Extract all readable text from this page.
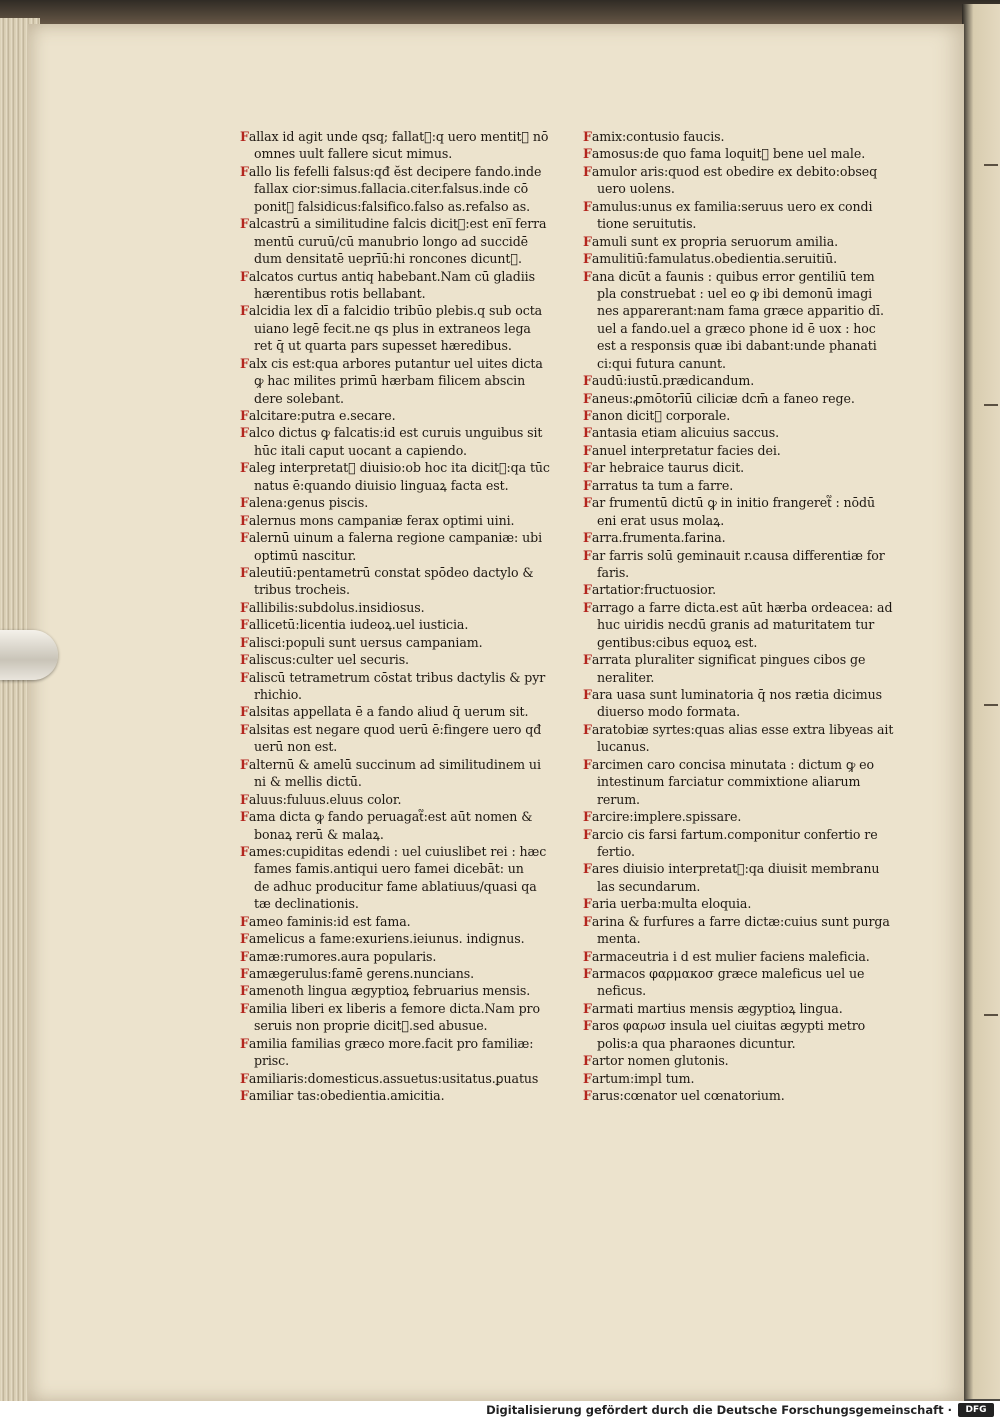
Fallax id agit unde qsq; fallat᷑:q uero mentit᷑ nō
omnes uult fallere sicut mimus.
Fallo lis fefelli falsus:qđ ĕst decipere fando.inde
fallax cior:simus.fallacia.citer.falsus.inde cō
ponit᷑ falsidicus:falsifico.falso as.refalso as.
Falcastrū a similitudine falcis dicit᷑:est eni̅ ferra
mentū curuū/cū manubrio longo ad succidē
dum densitatē ueprīū:hi roncones dicunt᷑.
Falcatos curtus antiq habebant.Nam cū gladiis
hærentibus rotis bellabant.
Falcidia lex dī a falcidio tribūo plebis.q sub octa
uiano legē fecit.ne qs plus in extraneos lega
ret q̄ ut quarta pars supesset hæredibus.
Falx cis est:qua arbores putantur uel uites dicta
ꝙ hac milites primū hærbam filicem abscin
dere solebant.
Falcitare:putra e.secare.
Falco dictus ꝙ falcatis:id est curuis unguibus sit
hūc itali caput uocant a capiendo.
Faleg interpretat᷑ diuisio:ob hoc ita dicit᷑:qa tūc
natus ē:quando diuisio linguaꝝ facta est.
Falena:genus piscis.
Falernus mons campaniæ ferax optimi uini.
Falernū uinum a falerna regione campaniæ: ubi
optimū nascitur.
Faleutiū:pentametrū constat spōdeo dactylo &
tribus trocheis.
Fallibilis:subdolus.insidiosus.
Fallicetū:licentia iudeoꝝ.uel iusticia.
Falisci:populi sunt uersus campaniam.
Faliscus:culter uel securis.
Faliscū tetrametrum cōstat tribus dactylis & pyr
rhichio.
Falsitas appellata ē a fando aliud q̄ uerum sit.
Falsitas est negare quod uerū ē:fingere uero qđ
uerū non est.
Falternū & amelū succinum ad similitudinem ui
ni & mellis dictū.
Faluus:fuluus.eluus color.
Fama dicta ꝙ fando peruagat᷑:est aūt nomen &
bonaꝝ rerū & malaꝝ.
Fames:cupiditas edendi : uel cuiuslibet rei : hæc
fames famis.antiqui uero famei dicebāt: un
de adhuc producitur fame ablatiuus/quasi qa
tæ declinationis.
Fameo faminis:id est fama.
Famelicus a fame:exuriens.ieiunus. indignus.
Famæ:rumores.aura popularis.
Famægerulus:famē gerens.nuncians.
Famenoth lingua ægyptioꝝ februarius mensis.
Familia liberi ex liberis a femore dicta.Nam pro
seruis non proprie dicit᷑.sed abusue.
Familia familias græco more.facit pro familiæ:
prisc.
Familiaris:domesticus.assuetus:usitatus.ꝑuatus
Familiar tas:obedientia.amicitia.
Famix:contusio faucis.
Famosus:de quo fama loquit᷑ bene uel male.
Famulor aris:quod est obedire ex debito:obseq
uero uolens.
Famulus:unus ex familia:seruus uero ex condi
tione seruitutis.
Famuli sunt ex propria seruorum amilia.
Famulitiū:famulatus.obedientia.seruitiū.
Fana dicūt a faunis : quibus error gentiliū tem
pla construebat : uel eo ꝙ ibi demonū imagi
nes apparerant:nam fama græce apparitio dī.
uel a fando.uel a græco phone id ē uox : hoc
est a responsis quæ ibi dabant:unde phanati
ci:qui futura canunt.
Faudū:iustū.prædicandum.
Faneus:ꝓmōtorīū ciliciæ dcm̄ a faneo rege.
Fanon dicit᷑ corporale.
Fantasia etiam alicuius saccus.
Fanuel interpretatur facies dei.
Far hebraice taurus dicit.
Farratus ta tum a farre.
Far frumentū dictū ꝙ in initio frangeret᷑ : nōdū
eni erat usus molaꝝ.
Farra.frumenta.farina.
Far farris solū geminauit r.causa differentiæ for
faris.
Fartatior:fructuosior.
Farrago a farre dicta.est aūt hærba ordeacea: ad
huc uiridis necdū granis ad maturitatem tur
gentibus:cibus equoꝝ est.
Farrata pluraliter significat pingues cibos ge
neraliter.
Fara uasa sunt luminatoria q̄ nos rætia dicimus
diuerso modo formata.
Faratobiæ syrtes:quas alias esse extra libyeas ait
lucanus.
Farcimen caro concisa minutata : dictum ꝙ eo
intestinum farciatur commixtione aliarum
rerum.
Farcire:implere.spissare.
Farcio cis farsi fartum.componitur confertio re
fertio.
Fares diuisio interpretat᷑:qa diuisit membranu
las secundarum.
Faria uerba:multa eloquia.
Farina & furfures a farre dictæ:cuius sunt purga
menta.
Farmaceutria i d est mulier faciens maleficia.
Farmacos φαρμακοσ græce maleficus uel ue
neficus.
Farmati martius mensis ægyptioꝝ lingua.
Faros φαρωσ insula uel ciuitas ægypti metro
polis:a qua pharaones dicuntur.
Fartor nomen glutonis.
Fartum:impl tum.
Farus:cœnator uel cœnatorium.
Digitalisierung gefördert durch die Deutsche Forschungsgemeinschaft ·	DFG
